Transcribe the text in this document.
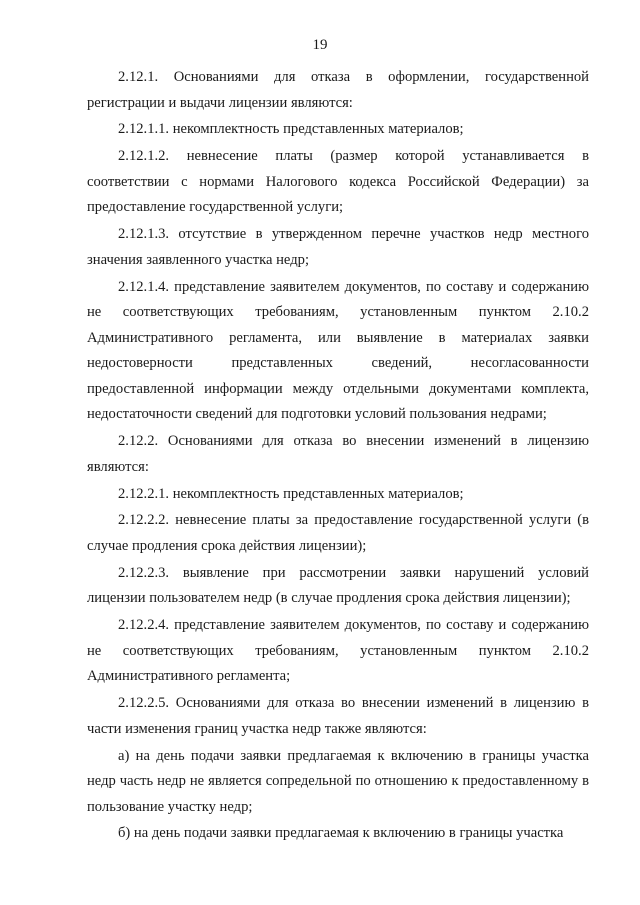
19

2.12.1. Основаниями для отказа в оформлении, государственной регистрации и выдачи лицензии являются:

2.12.1.1. некомплектность представленных материалов;

2.12.1.2. невнесение платы (размер которой устанавливается в соответствии с нормами Налогового кодекса Российской Федерации) за предоставление государственной услуги;

2.12.1.3. отсутствие в утвержденном перечне участков недр местного значения заявленного участка недр;

2.12.1.4. представление заявителем документов, по составу и содержанию не соответствующих требованиям, установленным пунктом 2.10.2 Административного регламента, или выявление в материалах заявки недостоверности представленных сведений, несогласованности предоставленной информации между отдельными документами комплекта, недостаточности сведений для подготовки условий пользования недрами;

2.12.2. Основаниями для отказа во внесении изменений в лицензию являются:

2.12.2.1. некомплектность представленных материалов;

2.12.2.2. невнесение платы за предоставление государственной услуги (в случае продления срока действия лицензии);

2.12.2.3. выявление при рассмотрении заявки нарушений условий лицензии пользователем недр (в случае продления срока действия лицензии);

2.12.2.4. представление заявителем документов, по составу и содержанию не соответствующих требованиям, установленным пунктом 2.10.2 Административного регламента;

2.12.2.5. Основаниями для отказа во внесении изменений в лицензию в части изменения границ участка недр также являются:

а) на день подачи заявки предлагаемая к включению в границы участка недр часть недр не является сопредельной по отношению к предоставленному в пользование участку недр;

б) на день подачи заявки предлагаемая к включению в границы участка
